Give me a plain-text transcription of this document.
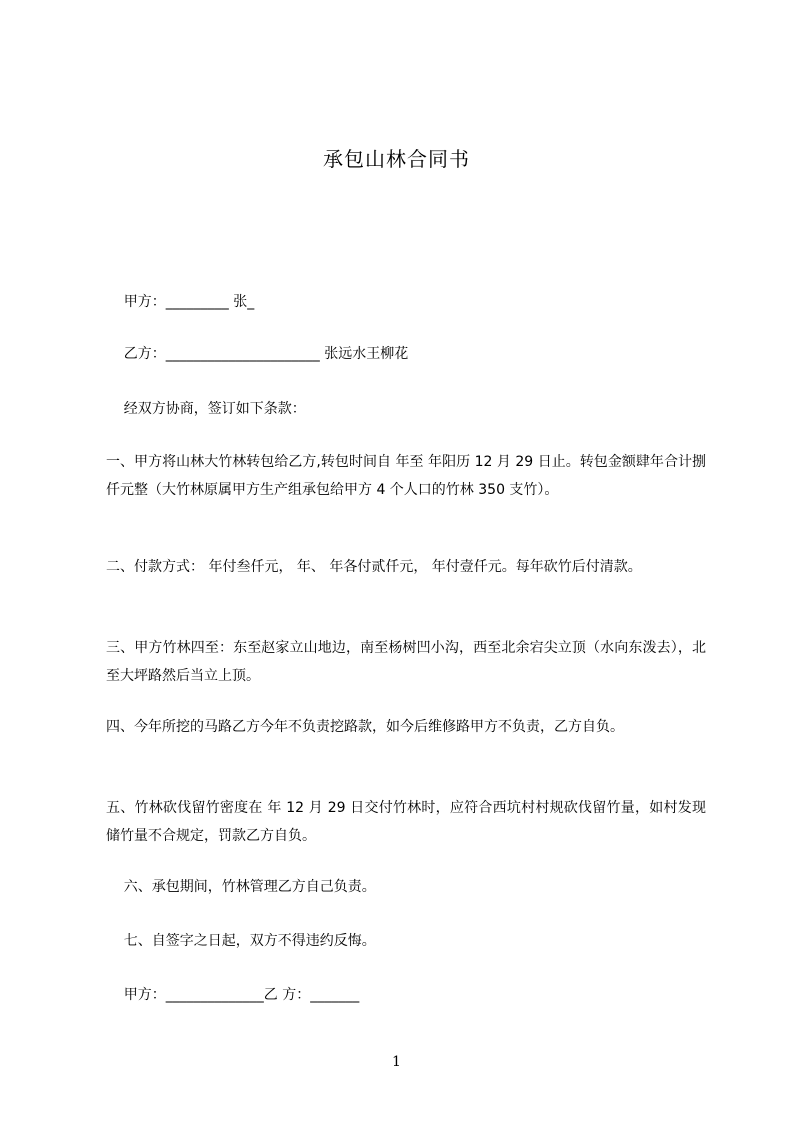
承包山林合同书

甲方：_________ 张_

乙方：______________________ 张远水王柳花

经双方协商，签订如下条款：

一、甲方将山林大竹林转包给乙方,转包时间自 年至 年阳历 12 月 29 日止。转包金额肆年合计捌仟元整（大竹林原属甲方生产组承包给甲方 4 个人口的竹林 350 支竹）。

二、付款方式： 年付叁仟元， 年、 年各付贰仟元， 年付壹仟元。每年砍竹后付清款。

三、甲方竹林四至：东至赵家立山地边，南至杨树凹小沟，西至北余宕尖立顶（水向东泼去），北至大坪路然后当立上顶。

四、今年所挖的马路乙方今年不负责挖路款，如今后维修路甲方不负责，乙方自负。

五、竹林砍伐留竹密度在 年 12 月 29 日交付竹林时，应符合西坑村村规砍伐留竹量，如村发现储竹量不合规定，罚款乙方自负。

六、承包期间，竹林管理乙方自己负责。

七、自签字之日起，双方不得违约反悔。

甲方：______________乙 方：_______

1
